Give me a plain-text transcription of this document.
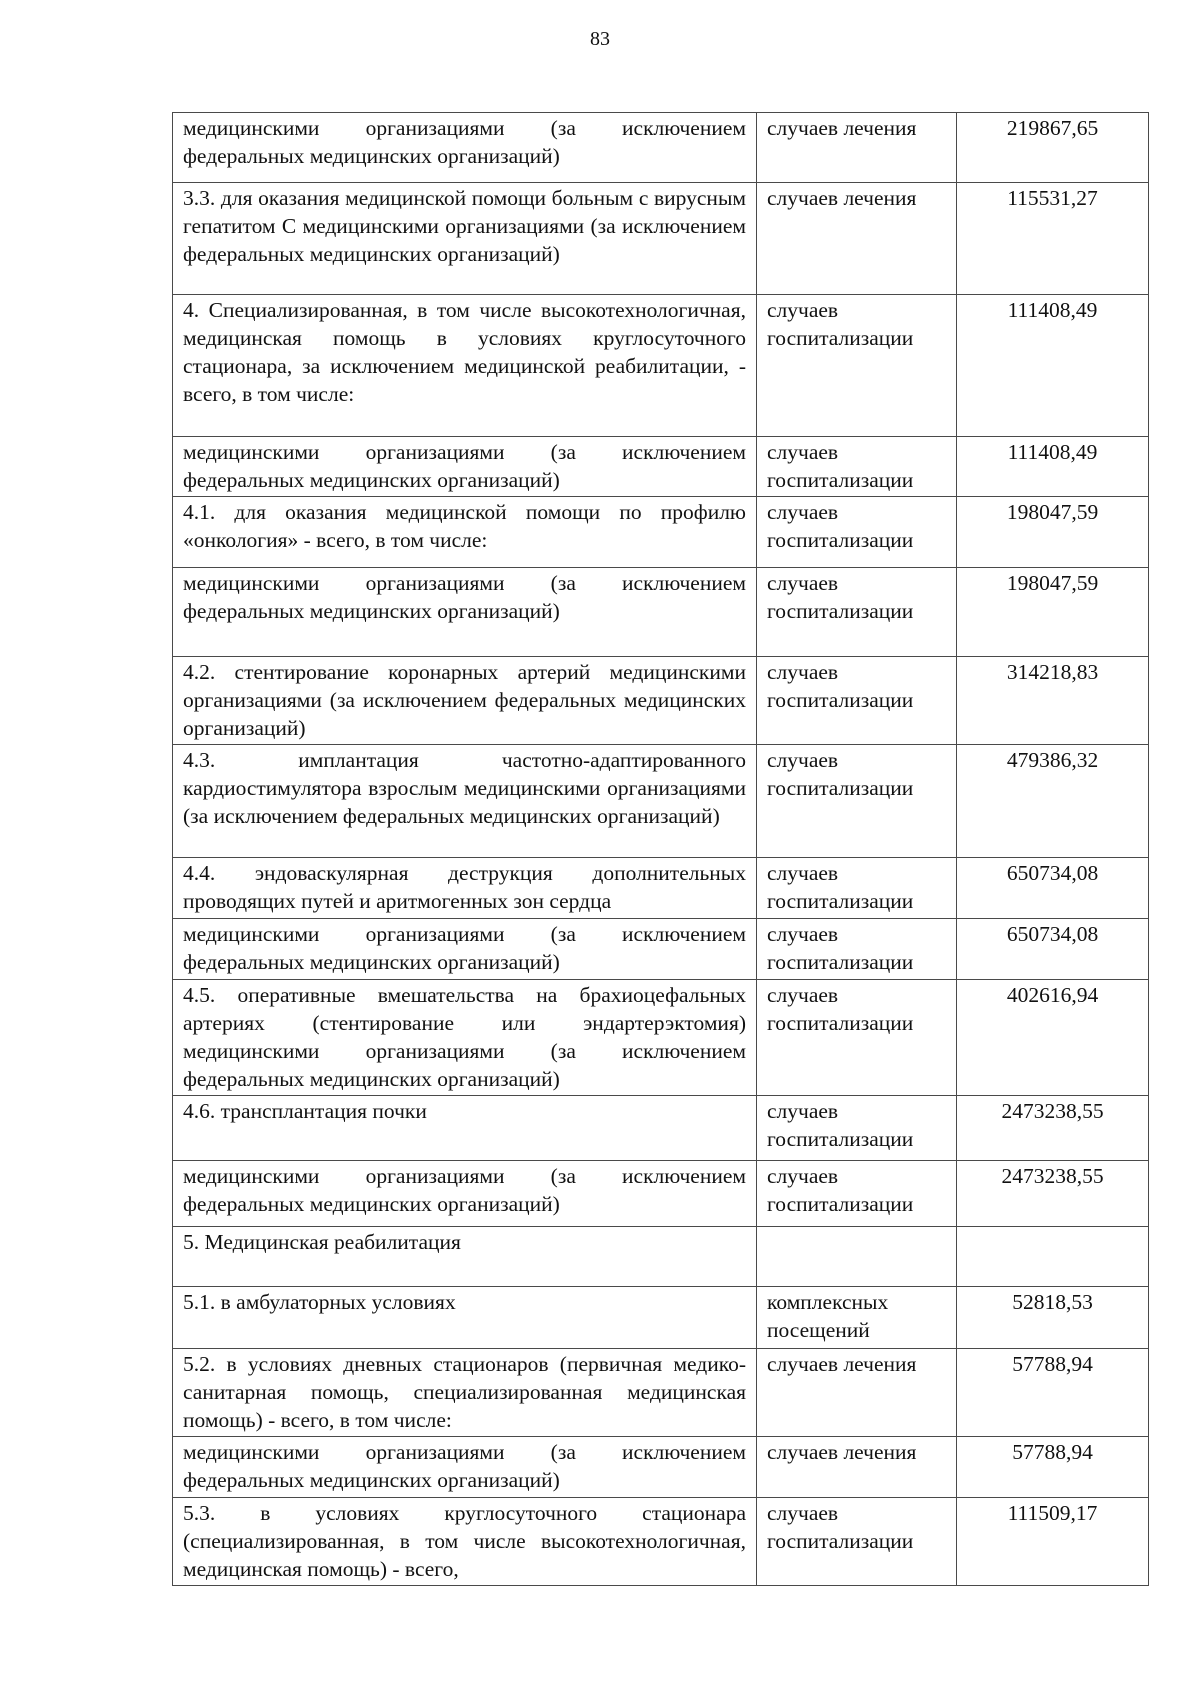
83
медицинскими организациями (за исключением федеральных медицинских организаций)	случаев лечения	219867,65
3.3. для оказания медицинской помощи больным с вирусным гепатитом С медицинскими организациями (за исключением федеральных медицинских организаций)	случаев лечения	115531,27
4. Специализированная, в том числе высокотехнологичная, медицинская помощь в условиях круглосуточного стационара, за исключением медицинской реабилитации, - всего, в том числе:	случаев госпитализации	111408,49
медицинскими организациями (за исключением федеральных медицинских организаций)	случаев госпитализации	111408,49
4.1. для оказания медицинской помощи по профилю «онкология» - всего, в том числе:	случаев госпитализации	198047,59
медицинскими организациями (за исключением федеральных медицинских организаций)	случаев госпитализации	198047,59
4.2. стентирование коронарных артерий медицинскими организациями (за исключением федеральных медицинских организаций)	случаев госпитализации	314218,83
4.3. имплантация частотно-адаптированного кардиостимулятора взрослым медицинскими организациями (за исключением федеральных медицинских организаций)	случаев госпитализации	479386,32
4.4. эндоваскулярная деструкция дополнительных проводящих путей и аритмогенных зон сердца	случаев госпитализации	650734,08
медицинскими организациями (за исключением федеральных медицинских организаций)	случаев госпитализации	650734,08
4.5. оперативные вмешательства на брахиоцефальных артериях (стентирование или эндартерэктомия) медицинскими организациями (за исключением федеральных медицинских организаций)	случаев госпитализации	402616,94
4.6. трансплантация почки	случаев госпитализации	2473238,55
медицинскими организациями (за исключением федеральных медицинских организаций)	случаев госпитализации	2473238,55
5. Медицинская реабилитация		
5.1. в амбулаторных условиях	комплексных посещений	52818,53
5.2. в условиях дневных стационаров (первичная медико-санитарная помощь, специализированная медицинская помощь) - всего, в том числе:	случаев лечения	57788,94
медицинскими организациями (за исключением федеральных медицинских организаций)	случаев лечения	57788,94
5.3. в условиях круглосуточного стационара (специализированная, в том числе высокотехнологичная, медицинская помощь) - всего,	случаев госпитализации	111509,17
